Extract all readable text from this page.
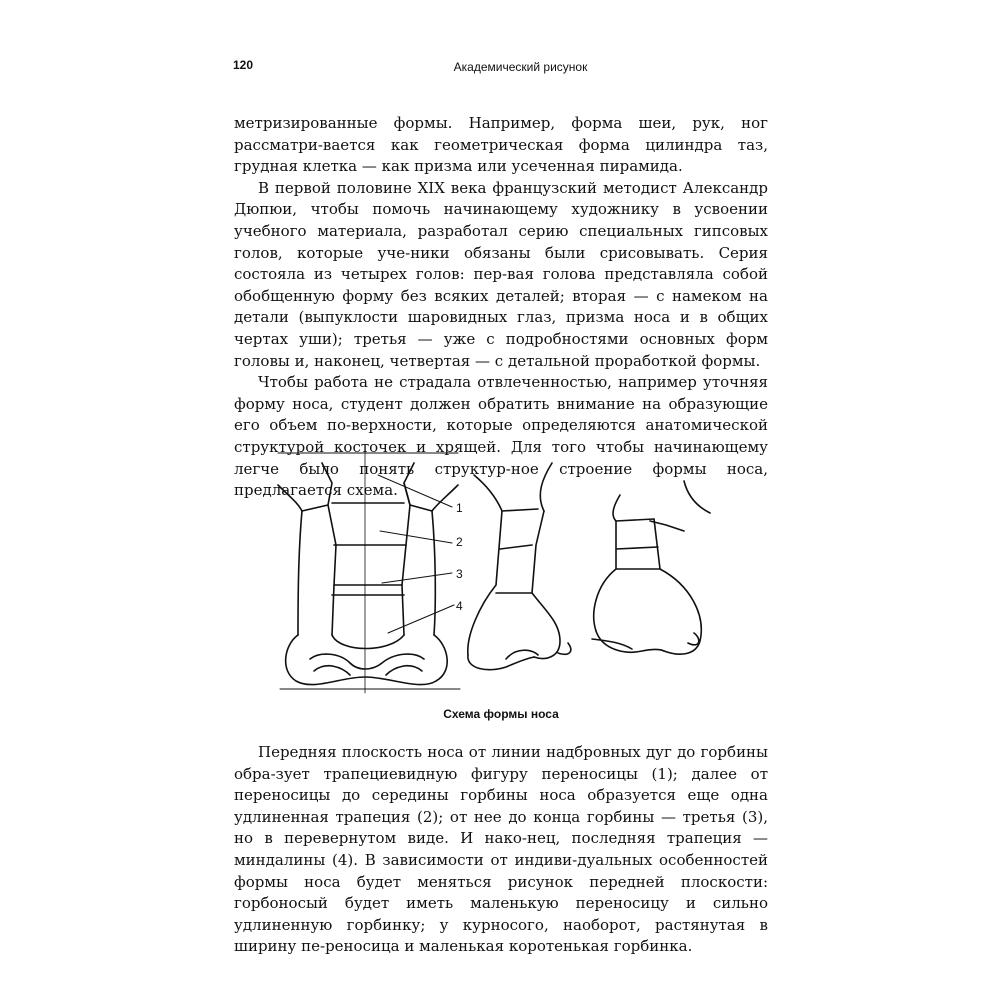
120	Академический рисунок

метризированные формы. Например, форма шеи, рук, ног рассматри-вается как геометрическая форма цилиндра таз, грудная клетка — как призма или усеченная пирамида.

В первой половине XIX века французский методист Александр Дюпюи, чтобы помочь начинающему художнику в усвоении учебного материала, разработал серию специальных гипсовых голов, которые уче-ники обязаны были срисовывать. Серия состояла из четырех голов: пер-вая голова представляла собой обобщенную форму без всяких деталей; вторая — с намеком на детали (выпуклости шаровидных глаз, призма носа и в общих чертах уши); третья — уже с подробностями основных форм головы и, наконец, четвертая — с детальной проработкой формы.

Чтобы работа не страдала отвлеченностью, например уточняя форму носа, студент должен обратить внимание на образующие его объем по-верхности, которые определяются анатомической структурой косточек и хрящей. Для того чтобы начинающему легче было понять структур-ное строение формы носа, предлагается схема.

1
2
3
4
Схема формы носа

Передняя плоскость носа от линии надбровных дуг до горбины обра-зует трапециевидную фигуру переносицы (1); далее от переносицы до середины горбины носа образуется еще одна удлиненная трапеция (2); от нее до конца горбины — третья (3), но в перевернутом виде. И нако-нец, последняя трапеция — миндалины (4). В зависимости от индиви-дуальных особенностей формы носа будет меняться рисунок передней плоскости: горбоносый будет иметь маленькую переносицу и сильно удлиненную горбинку; у курносого, наоборот, растянутая в ширину пе-реносица и маленькая коротенькая горбинка.
